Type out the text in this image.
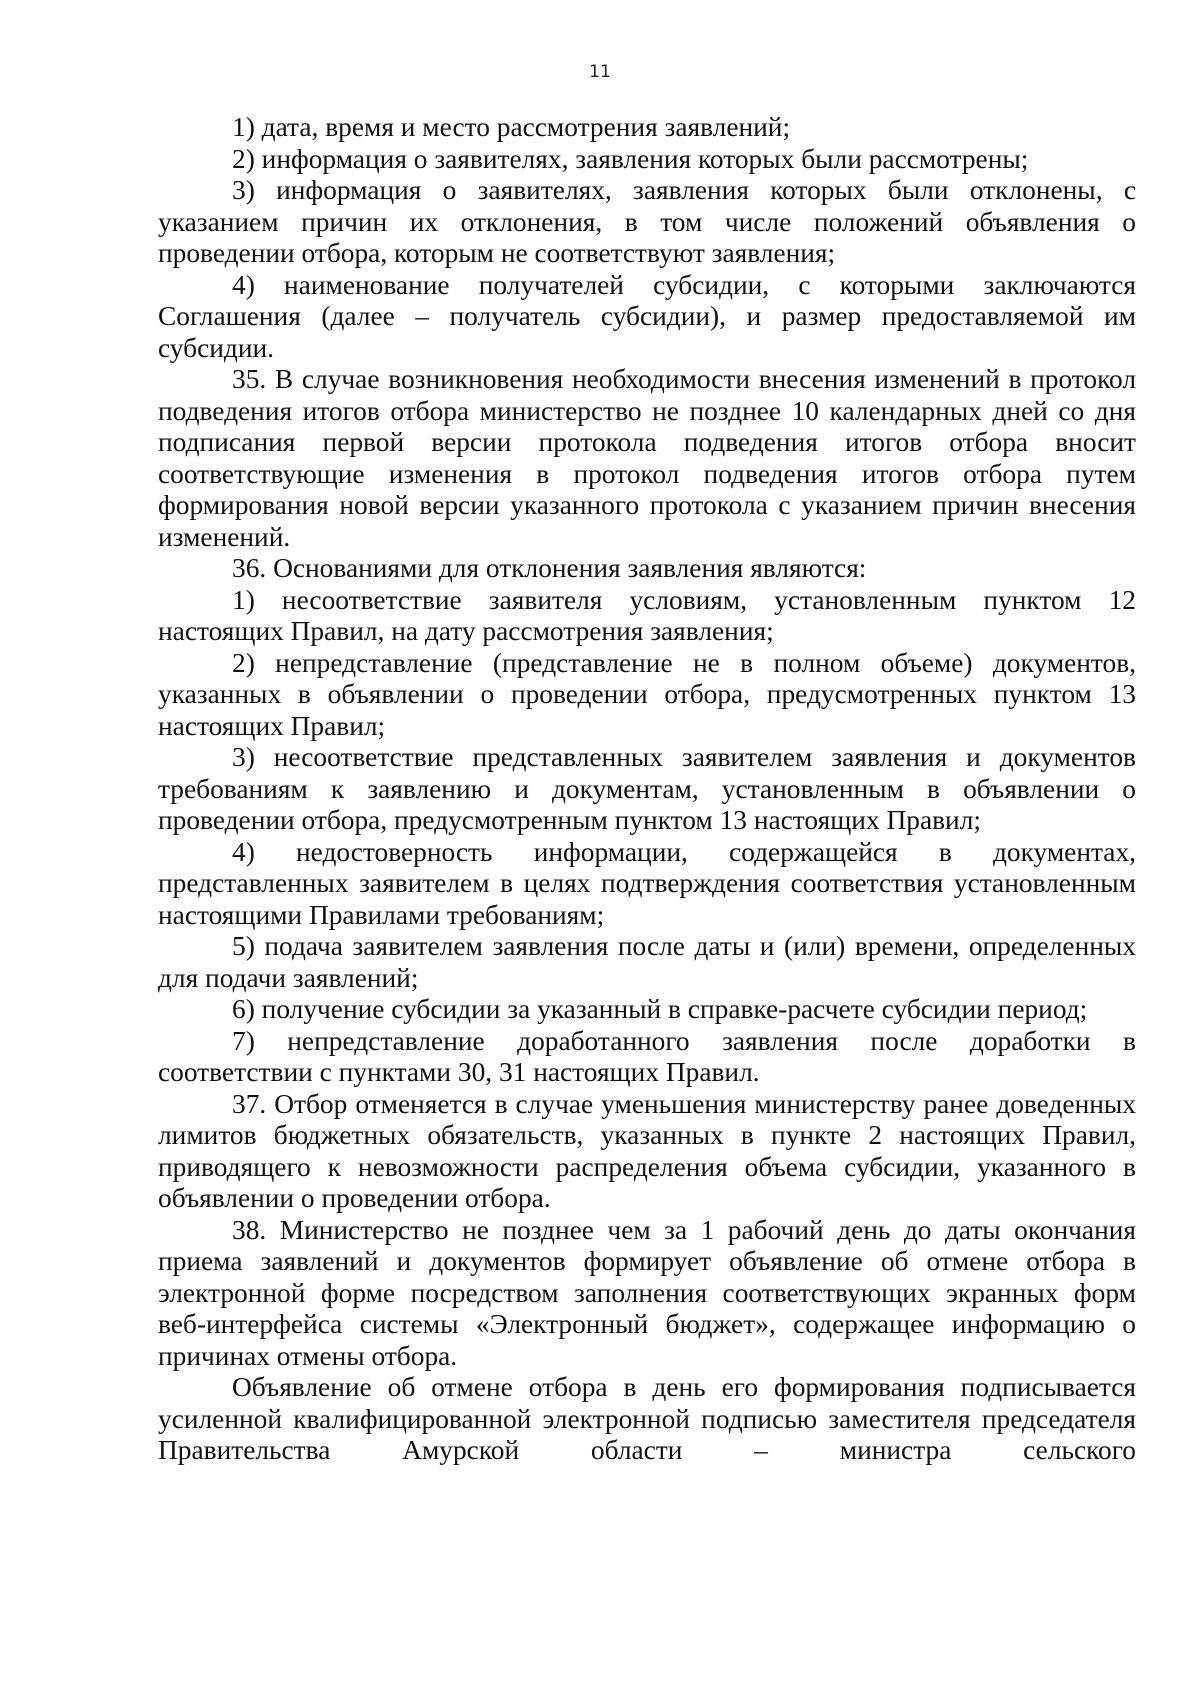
11

1) дата, время и место рассмотрения заявлений;

2) информация о заявителях, заявления которых были рассмотрены;

3) информация о заявителях, заявления которых были отклонены, с указанием причин их отклонения, в том числе положений объявления о проведении отбора, которым не соответствуют заявления;

4) наименование получателей субсидии, с которыми заключаются Соглашения (далее – получатель субсидии), и размер предоставляемой им субсидии.

35. В случае возникновения необходимости внесения изменений в протокол подведения итогов отбора министерство не позднее 10 календарных дней со дня подписания первой версии протокола подведения итогов отбора вносит соответствующие изменения в протокол подведения итогов отбора путем формирования новой версии указанного протокола с указанием причин внесения изменений.

36. Основаниями для отклонения заявления являются:

1) несоответствие заявителя условиям, установленным пунктом 12 настоящих Правил, на дату рассмотрения заявления;

2) непредставление (представление не в полном объеме) документов, указанных в объявлении о проведении отбора, предусмотренных пунктом 13 настоящих Правил;

3) несоответствие представленных заявителем заявления и документов требованиям к заявлению и документам, установленным в объявлении о проведении отбора, предусмотренным пунктом 13 настоящих Правил;

4) недостоверность информации, содержащейся в документах, представленных заявителем в целях подтверждения соответствия установленным настоящими Правилами требованиям;

5) подача заявителем заявления после даты и (или) времени, определенных для подачи заявлений;

6) получение субсидии за указанный в справке-расчете субсидии период;

7) непредставление доработанного заявления после доработки в соответствии с пунктами 30, 31 настоящих Правил.

37. Отбор отменяется в случае уменьшения министерству ранее доведенных лимитов бюджетных обязательств, указанных в пункте 2 настоящих Правил, приводящего к невозможности распределения объема субсидии, указанного в объявлении о проведении отбора.

38. Министерство не позднее чем за 1 рабочий день до даты окончания приема заявлений и документов формирует объявление об отмене отбора в электронной форме посредством заполнения соответствующих экранных форм веб-интерфейса системы «Электронный бюджет», содержащее информацию о причинах отмены отбора.

Объявление об отмене отбора в день его формирования подписывается усиленной квалифицированной электронной подписью заместителя председателя Правительства Амурской области – министра сельского
